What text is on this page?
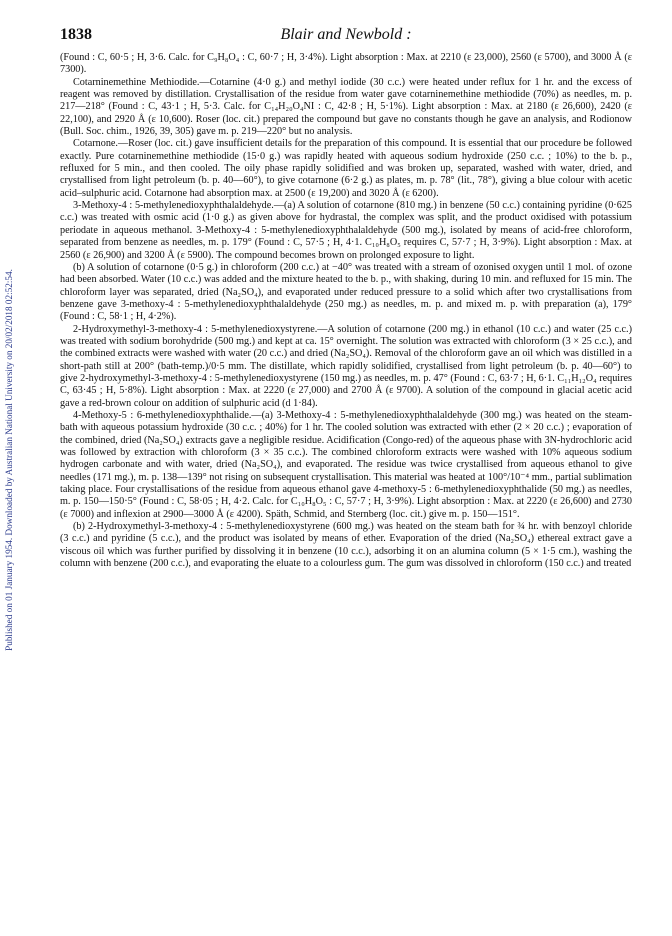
Published on 01 January 1954. Downloaded by Australian National University on 20/02/2018 02:52:54.
1838	Blair and Newbold :

(Found : C, 60·5 ; H, 3·6. Calc. for C₉H₈O₄ : C, 60·7 ; H, 3·4%). Light absorption : Max. at 2210 (ε 23,000), 2560 (ε 5700), and 3000 Å (ε 7300).

Cotarninemethine Methiodide.—Cotarnine (4·0 g.) and methyl iodide (30 c.c.) were heated under reflux for 1 hr. and the excess of reagent was removed by distillation. Crystallisation of the residue from water gave cotarninemethine methiodide (70%) as needles, m. p. 217—218° (Found : C, 43·1 ; H, 5·3. Calc. for C₁₄H₂₀O₄NI : C, 42·8 ; H, 5·1%). Light absorption : Max. at 2180 (ε 26,600), 2420 (ε 22,100), and 2920 Å (ε 10,600). Roser (loc. cit.) prepared the compound but gave no constants though he gave an analysis, and Rodionow (Bull. Soc. chim., 1926, 39, 305) gave m. p. 219—220° but no analysis.

Cotarnone.—Roser (loc. cit.) gave insufficient details for the preparation of this compound. It is essential that our procedure be followed exactly. Pure cotarninemethine methiodide (15·0 g.) was rapidly heated with aqueous sodium hydroxide (250 c.c. ; 10%) to the b. p., refluxed for 5 min., and then cooled. The oily phase rapidly solidified and was broken up, separated, washed with water, dried, and crystallised from light petroleum (b. p. 40—60°), to give cotarnone (6·2 g.) as plates, m. p. 78° (lit., 78°), giving a blue colour with acetic acid–sulphuric acid. Cotarnone had absorption max. at 2500 (ε 19,200) and 3020 Å (ε 6200).

3-Methoxy-4 : 5-methylenedioxyphthalaldehyde.—(a) A solution of cotarnone (810 mg.) in benzene (50 c.c.) containing pyridine (0·625 c.c.) was treated with osmic acid (1·0 g.) as given above for hydrastal, the complex was split, and the product oxidised with potassium periodate in aqueous methanol. 3-Methoxy-4 : 5-methylenedioxyphthalaldehyde (500 mg.), isolated by means of acid-free chloroform, separated from benzene as needles, m. p. 179° (Found : C, 57·5 ; H, 4·1. C₁₀H₈O₅ requires C, 57·7 ; H, 3·9%). Light absorption : Max. at 2560 (ε 26,900) and 3200 Å (ε 5900). The compound becomes brown on prolonged exposure to light.

(b) A solution of cotarnone (0·5 g.) in chloroform (200 c.c.) at −40° was treated with a stream of ozonised oxygen until 1 mol. of ozone had been absorbed. Water (10 c.c.) was added and the mixture heated to the b. p., with shaking, during 10 min. and refluxed for 15 min. The chloroform layer was separated, dried (Na₂SO₄), and evaporated under reduced pressure to a solid which after two crystallisations from benzene gave 3-methoxy-4 : 5-methylenedioxyphthalaldehyde (250 mg.) as needles, m. p. and mixed m. p. with preparation (a), 179° (Found : C, 58·1 ; H, 4·2%).

2-Hydroxymethyl-3-methoxy-4 : 5-methylenedioxystyrene.—A solution of cotarnone (200 mg.) in ethanol (10 c.c.) and water (25 c.c.) was treated with sodium borohydride (500 mg.) and kept at ca. 15° overnight. The solution was extracted with chloroform (3 × 25 c.c.), and the combined extracts were washed with water (20 c.c.) and dried (Na₂SO₄). Removal of the chloroform gave an oil which was distilled in a short-path still at 200° (bath-temp.)/0·5 mm. The distillate, which rapidly solidified, crystallised from light petroleum (b. p. 40—60°) to give 2-hydroxymethyl-3-methoxy-4 : 5-methylenedioxystyrene (150 mg.) as needles, m. p. 47° (Found : C, 63·7 ; H, 6·1. C₁₁H₁₂O₄ requires C, 63·45 ; H, 5·8%). Light absorption : Max. at 2220 (ε 27,000) and 2700 Å (ε 9700). A solution of the compound in glacial acetic acid gave a red-brown colour on addition of sulphuric acid (d 1·84).

4-Methoxy-5 : 6-methylenedioxyphthalide.—(a) 3-Methoxy-4 : 5-methylenedioxyphthalaldehyde (300 mg.) was heated on the steam-bath with aqueous potassium hydroxide (30 c.c. ; 40%) for 1 hr. The cooled solution was extracted with ether (2 × 20 c.c.) ; evaporation of the combined, dried (Na₂SO₄) extracts gave a negligible residue. Acidification (Congo-red) of the aqueous phase with 3N-hydrochloric acid was followed by extraction with chloroform (3 × 35 c.c.). The combined chloroform extracts were washed with 10% aqueous sodium hydrogen carbonate and with water, dried (Na₂SO₄), and evaporated. The residue was twice crystallised from aqueous ethanol to give needles (171 mg.), m. p. 138—139° not rising on subsequent crystallisation. This material was heated at 100°/10⁻⁴ mm., partial sublimation taking place. Four crystallisations of the residue from aqueous ethanol gave 4-methoxy-5 : 6-methylenedioxyphthalide (50 mg.) as needles, m. p. 150—150·5° (Found : C, 58·05 ; H, 4·2. Calc. for C₁₀H₈O₅ : C, 57·7 ; H, 3·9%). Light absorption : Max. at 2220 (ε 26,600) and 2730 (ε 7000) and inflexion at 2900—3000 Å (ε 4200). Späth, Schmid, and Sternberg (loc. cit.) give m. p. 150—151°.

(b) 2-Hydroxymethyl-3-methoxy-4 : 5-methylenedioxystyrene (600 mg.) was heated on the steam bath for ¾ hr. with benzoyl chloride (3 c.c.) and pyridine (5 c.c.), and the product was isolated by means of ether. Evaporation of the dried (Na₂SO₄) ethereal extract gave a viscous oil which was further purified by dissolving it in benzene (10 c.c.), adsorbing it on an alumina column (5 × 1·5 cm.), washing the column with benzene (200 c.c.), and evaporating the eluate to a colourless gum. The gum was dissolved in chloroform (150 c.c.) and treated
